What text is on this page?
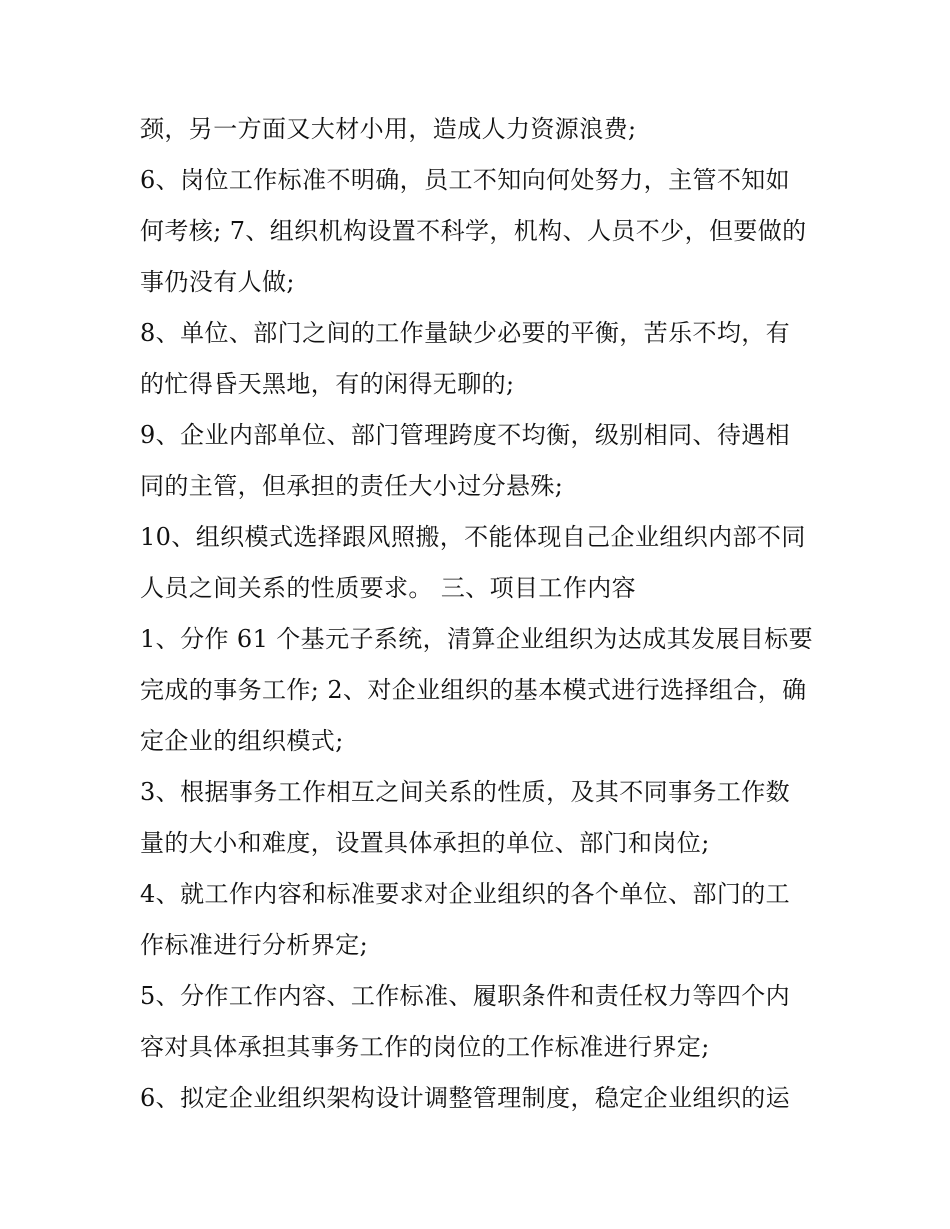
颈，另一方面又大材小用，造成人力资源浪费;
6、岗位工作标准不明确，员工不知向何处努力，主管不知如
何考核; 7、组织机构设置不科学，机构、人员不少，但要做的
事仍没有人做;
8、单位、部门之间的工作量缺少必要的平衡，苦乐不均，有
的忙得昏天黑地，有的闲得无聊的;
9、企业内部单位、部门管理跨度不均衡，级别相同、待遇相
同的主管，但承担的责任大小过分悬殊;
10、组织模式选择跟风照搬，不能体现自己企业组织内部不同
人员之间关系的性质要求。 三、项目工作内容
1、分作 61 个基元子系统，清算企业组织为达成其发展目标要
完成的事务工作; 2、对企业组织的基本模式进行选择组合，确
定企业的组织模式;
3、根据事务工作相互之间关系的性质，及其不同事务工作数
量的大小和难度，设置具体承担的单位、部门和岗位;
4、就工作内容和标准要求对企业组织的各个单位、部门的工
作标准进行分析界定;
5、分作工作内容、工作标准、履职条件和责任权力等四个内
容对具体承担其事务工作的岗位的工作标准进行界定;
6、拟定企业组织架构设计调整管理制度，稳定企业组织的运
